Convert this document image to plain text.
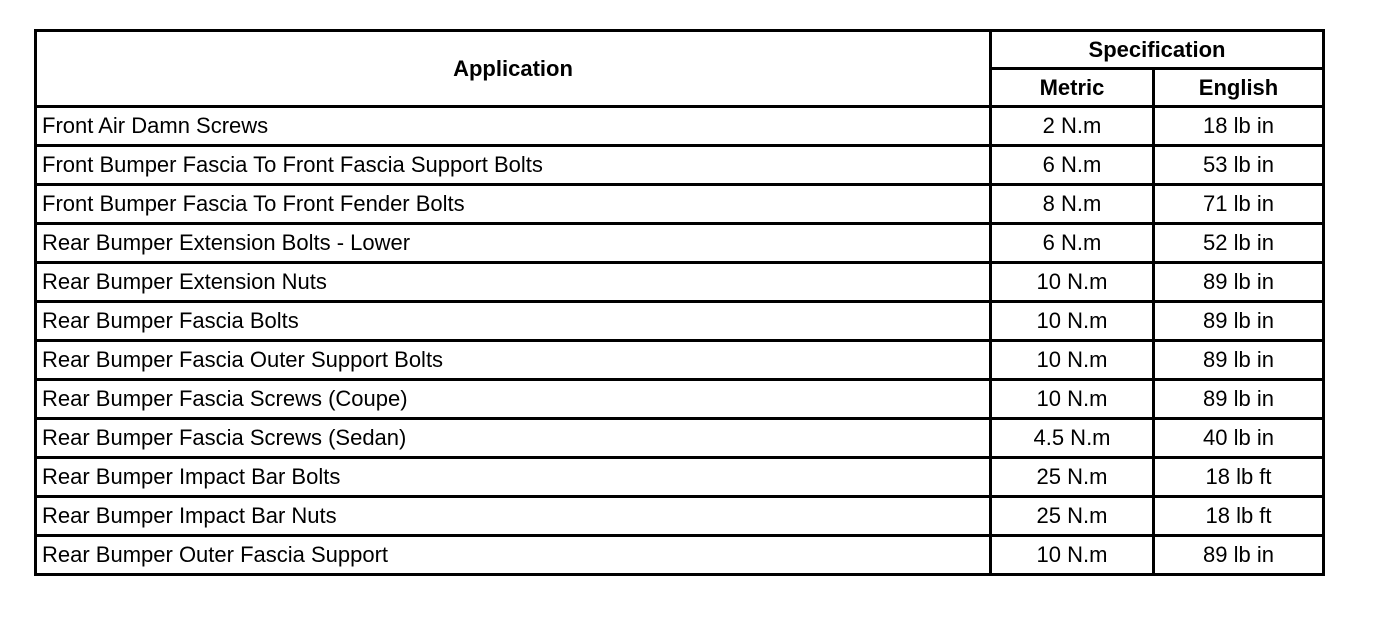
Application	Specification	
	Metric	English
Front Air Damn Screws	2 N.m	18 lb in
Front Bumper Fascia To Front Fascia Support Bolts	6 N.m	53 lb in
Front Bumper Fascia To Front Fender Bolts	8 N.m	71 lb in
Rear Bumper Extension Bolts - Lower	6 N.m	52 lb in
Rear Bumper Extension Nuts	10 N.m	89 lb in
Rear Bumper Fascia Bolts	10 N.m	89 lb in
Rear Bumper Fascia Outer Support Bolts	10 N.m	89 lb in
Rear Bumper Fascia Screws (Coupe)	10 N.m	89 lb in
Rear Bumper Fascia Screws (Sedan)	4.5 N.m	40 lb in
Rear Bumper Impact Bar Bolts	25 N.m	18 lb ft
Rear Bumper Impact Bar Nuts	25 N.m	18 lb ft
Rear Bumper Outer Fascia Support	10 N.m	89 lb in
